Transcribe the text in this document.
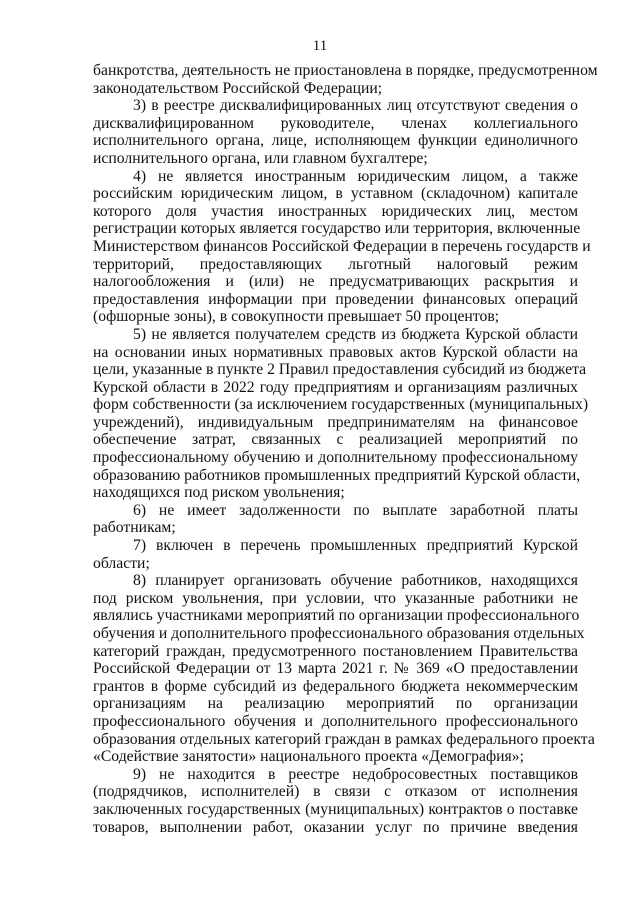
11
банкротства, деятельность не приостановлена в порядке, предусмотренном
законодательством Российской Федерации;
3) в реестре дисквалифицированных лиц отсутствуют сведения о
дисквалифицированном руководителе, членах коллегиального
исполнительного органа, лице, исполняющем функции единоличного
исполнительного органа, или главном бухгалтере;
4) не является иностранным юридическим лицом, а также
российским юридическим лицом, в уставном (складочном) капитале
которого доля участия иностранных юридических лиц, местом
регистрации которых является государство или территория, включенные
Министерством финансов Российской Федерации в перечень государств и
территорий, предоставляющих льготный налоговый режим
налогообложения и (или) не предусматривающих раскрытия и
предоставления информации при проведении финансовых операций
(офшорные зоны), в совокупности превышает 50 процентов;
5) не является получателем средств из бюджета Курской области
на основании иных нормативных правовых актов Курской области на
цели, указанные в пункте 2 Правил предоставления субсидий из бюджета
Курской области в 2022 году предприятиям и организациям различных
форм собственности (за исключением государственных (муниципальных)
учреждений), индивидуальным предпринимателям на финансовое
обеспечение затрат, связанных с реализацией мероприятий по
профессиональному обучению и дополнительному профессиональному
образованию работников промышленных предприятий Курской области,
находящихся под риском увольнения;
6) не имеет задолженности по выплате заработной платы
работникам;
7) включен в перечень промышленных предприятий Курской
области;
8) планирует организовать обучение работников, находящихся
под риском увольнения, при условии, что указанные работники не
являлись участниками мероприятий по организации профессионального
обучения и дополнительного профессионального образования отдельных
категорий граждан, предусмотренного постановлением Правительства
Российской Федерации от 13 марта 2021 г. № 369 «О предоставлении
грантов в форме субсидий из федерального бюджета некоммерческим
организациям на реализацию мероприятий по организации
профессионального обучения и дополнительного профессионального
образования отдельных категорий граждан в рамках федерального проекта
«Содействие занятости» национального проекта «Демография»;
9) не находится в реестре недобросовестных поставщиков
(подрядчиков, исполнителей) в связи с отказом от исполнения
заключенных государственных (муниципальных) контрактов о поставке
товаров, выполнении работ, оказании услуг по причине введения
